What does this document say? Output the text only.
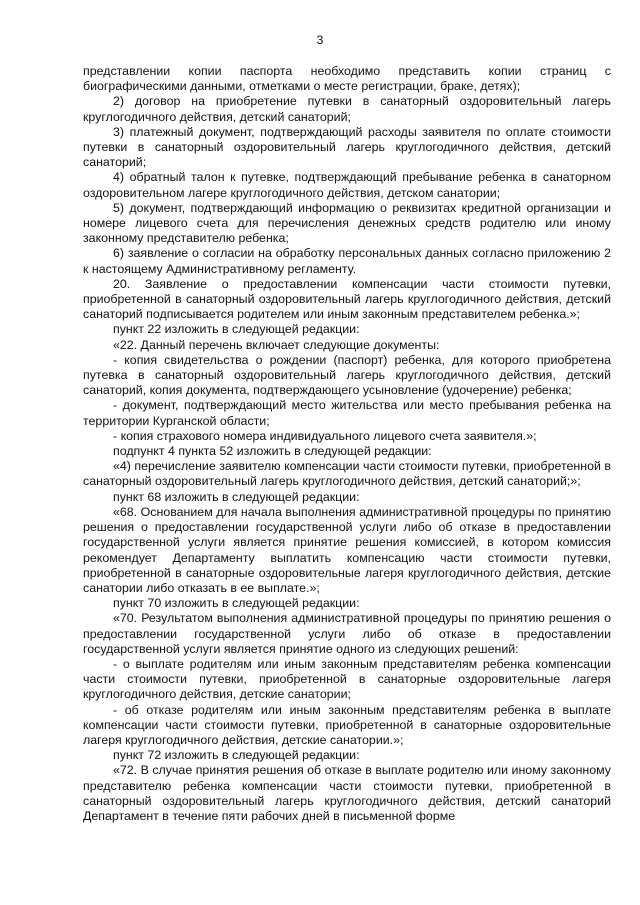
3

представлении копии паспорта необходимо представить копии страниц с биографическими данными, отметками о месте регистрации, браке, детях);

2) договор на приобретение путевки в санаторный оздоровительный лагерь круглогодичного действия, детский санаторий;

3) платежный документ, подтверждающий расходы заявителя по оплате стоимости путевки в санаторный оздоровительный лагерь круглогодичного действия, детский санаторий;

4) обратный талон к путевке, подтверждающий пребывание ребенка в санаторном оздоровительном лагере круглогодичного действия, детском санатории;

5) документ, подтверждающий информацию о реквизитах кредитной организации и номере лицевого счета для перечисления денежных средств родителю или иному законному представителю ребенка;

6) заявление о согласии на обработку персональных данных согласно приложению 2 к настоящему Административному регламенту.

20. Заявление о предоставлении компенсации части стоимости путевки, приобретенной в санаторный оздоровительный лагерь круглогодичного действия, детский санаторий подписывается родителем или иным законным представителем ребенка.»;

пункт 22 изложить в следующей редакции:

«22. Данный перечень включает следующие документы:

- копия свидетельства о рождении (паспорт) ребенка, для которого приобретена путевка в санаторный оздоровительный лагерь круглогодичного действия, детский санаторий, копия документа, подтверждающего усыновление (удочерение) ребенка;

- документ, подтверждающий место жительства или место пребывания ребенка на территории Курганской области;

- копия страхового номера индивидуального лицевого счета заявителя.»;

подпункт 4 пункта 52 изложить в следующей редакции:

«4) перечисление заявителю компенсации части стоимости путевки, приобретенной в санаторный оздоровительный лагерь круглогодичного действия, детский санаторий;»;

пункт 68 изложить в следующей редакции:

«68. Основанием для начала выполнения административной процедуры по принятию решения о предоставлении государственной услуги либо об отказе в предоставлении государственной услуги является принятие решения комиссией, в котором комиссия рекомендует Департаменту выплатить компенсацию части стоимости путевки, приобретенной в санаторные оздоровительные лагеря круглогодичного действия, детские санатории либо отказать в ее выплате.»;

пункт 70 изложить в следующей редакции:

«70. Результатом выполнения административной процедуры по принятию решения о предоставлении государственной услуги либо об отказе в предоставлении государственной услуги является принятие одного из следующих решений:

- о выплате родителям или иным законным представителям ребенка компенсации части стоимости путевки, приобретенной в санаторные оздоровительные лагеря круглогодичного действия, детские санатории;

- об отказе родителям или иным законным представителям ребенка в выплате компенсации части стоимости путевки, приобретенной в санаторные оздоровительные лагеря круглогодичного действия, детские санатории.»;

пункт 72 изложить в следующей редакции:

«72. В случае принятия решения об отказе в выплате родителю или иному законному представителю ребенка компенсации части стоимости путевки, приобретенной в санаторный оздоровительный лагерь круглогодичного действия, детский санаторий Департамент в течение пяти рабочих дней в письменной форме
